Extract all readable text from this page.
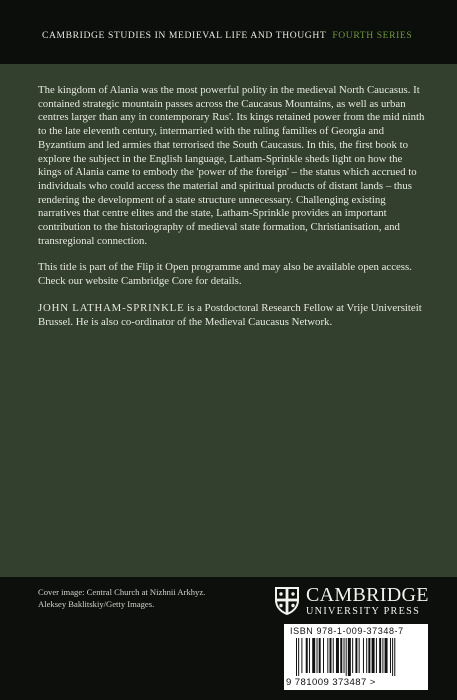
CAMBRIDGE STUDIES IN MEDIEVAL LIFE AND THOUGHT FOURTH SERIES

The kingdom of Alania was the most powerful polity in the medieval North Caucasus. It contained strategic mountain passes across the Caucasus Mountains, as well as urban centres larger than any in contemporary Rus'. Its kings retained power from the mid ninth to the late eleventh century, intermarried with the ruling families of Georgia and Byzantium and led armies that terrorised the South Caucasus. In this, the first book to explore the subject in the English language, Latham-Sprinkle sheds light on how the kings of Alania came to embody the 'power of the foreign' – the status which accrued to individuals who could access the material and spiritual products of distant lands – thus rendering the development of a state structure unnecessary. Challenging existing narratives that centre elites and the state, Latham-Sprinkle provides an important contribution to the historiography of medieval state formation, Christianisation, and transregional connection.

This title is part of the Flip it Open programme and may also be available open access. Check our website Cambridge Core for details.

JOHN LATHAM-SPRINKLE is a Postdoctoral Research Fellow at Vrije Universiteit Brussel. He is also co-ordinator of the Medieval Caucasus Network.

Cover image: Central Church at Nizhnii Arkhyz.
Aleksey Baklitskiy/Getty Images.	CAMBRIDGE
UNIVERSITY PRESS
ISBN 978-1-009-37348-7
9 781009 373487 >
